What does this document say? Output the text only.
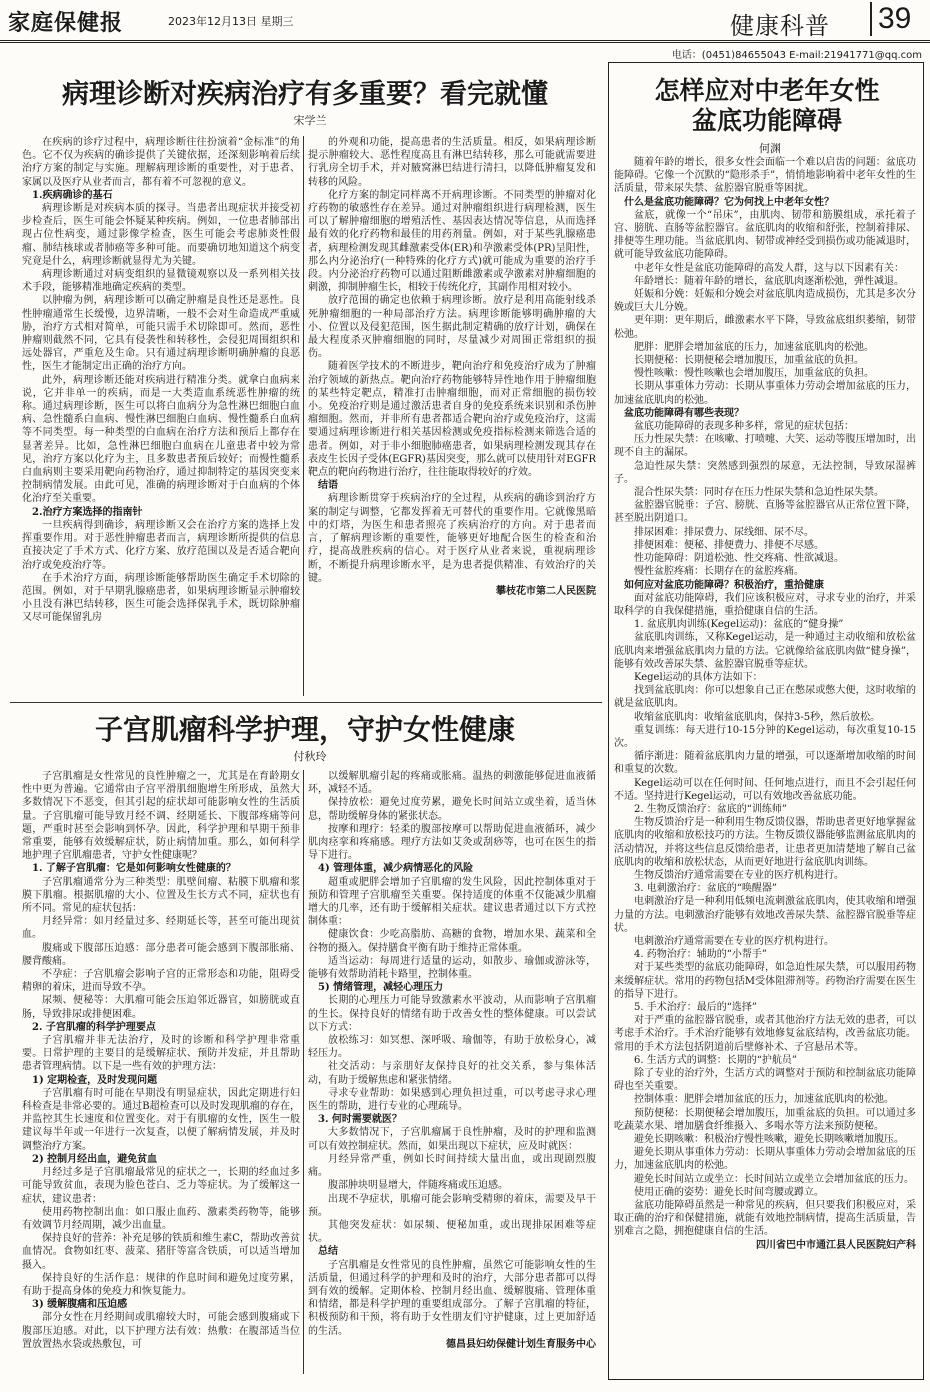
家庭保健报	2023年12月13日 星期三	健康科普 39
电话：(0451)84655043 E-mail:21941771@qq.com
病理诊断对疾病治疗有多重要？看完就懂
宋学兰

在疾病的诊疗过程中，病理诊断往往扮演着“金标准”的角色。它不仅为疾病的确诊提供了关键依据，还深刻影响着后续治疗方案的制定与实施。理解病理诊断的重要性，对于患者、家属以及医疗从业者而言，都有着不可忽视的意义。

1.疾病确诊的基石

病理诊断是对疾病本质的探寻。当患者出现症状并接受初步检查后，医生可能会怀疑某种疾病。例如，一位患者肺部出现占位性病变，通过影像学检查，医生可能会考虑肺炎性假瘤、肺结核球或者肺癌等多种可能。而要确切地知道这个病变究竟是什么，病理诊断就显得尤为关键。

病理诊断通过对病变组织的显微镜观察以及一系列相关技术手段，能够精准地确定疾病的类型。

以肿瘤为例，病理诊断可以确定肿瘤是良性还是恶性。良性肿瘤通常生长缓慢，边界清晰，一般不会对生命造成严重威胁，治疗方式相对简单，可能只需手术切除即可。然而，恶性肿瘤则截然不同，它具有侵袭性和转移性，会侵犯周围组织和远处器官，严重危及生命。只有通过病理诊断明确肿瘤的良恶性，医生才能制定出正确的治疗方向。

此外，病理诊断还能对疾病进行精准分类。就拿白血病来说，它并非单一的疾病，而是一大类造血系统恶性肿瘤的统称。通过病理诊断，医生可以将白血病分为急性淋巴细胞白血病、急性髓系白血病、慢性淋巴细胞白血病、慢性髓系白血病等不同类型。每一种类型的白血病在治疗方法和预后上都存在显著差异。比如，急性淋巴细胞白血病在儿童患者中较为常见，治疗方案以化疗为主，且多数患者预后较好；而慢性髓系白血病则主要采用靶向药物治疗，通过抑制特定的基因突变来控制病情发展。由此可见，准确的病理诊断对于白血病的个体化治疗至关重要。

2.治疗方案选择的指南针

一旦疾病得到确诊，病理诊断又会在治疗方案的选择上发挥重要作用。对于恶性肿瘤患者而言，病理诊断所提供的信息直接决定了手术方式、化疗方案、放疗范围以及是否适合靶向治疗或免疫治疗等。

在手术治疗方面，病理诊断能够帮助医生确定手术切除的范围。例如，对于早期乳腺癌患者，如果病理诊断显示肿瘤较小且没有淋巴结转移，医生可能会选择保乳手术，既切除肿瘤又尽可能保留乳房

的外观和功能，提高患者的生活质量。相反，如果病理诊断提示肿瘤较大、恶性程度高且有淋巴结转移，那么可能就需要进行乳房全切手术，并对腋窝淋巴结进行清扫，以降低肿瘤复发和转移的风险。

化疗方案的制定同样离不开病理诊断。不同类型的肿瘤对化疗药物的敏感性存在差异。通过对肿瘤组织进行病理检测，医生可以了解肿瘤细胞的增殖活性、基因表达情况等信息，从而选择最有效的化疗药物和最佳的用药剂量。例如，对于某些乳腺癌患者，病理检测发现其雌激素受体(ER)和孕激素受体(PR)呈阳性，那么内分泌治疗(一种特殊的化疗方式)就可能成为重要的治疗手段。内分泌治疗药物可以通过阻断雌激素或孕激素对肿瘤细胞的刺激，抑制肿瘤生长，相较于传统化疗，其副作用相对较小。

放疗范围的确定也依赖于病理诊断。放疗是利用高能射线杀死肿瘤细胞的一种局部治疗方法。病理诊断能够明确肿瘤的大小、位置以及侵犯范围，医生据此制定精确的放疗计划，确保在最大程度杀灭肿瘤细胞的同时，尽量减少对周围正常组织的损伤。

随着医学技术的不断进步，靶向治疗和免疫治疗成为了肿瘤治疗领域的新热点。靶向治疗药物能够特异性地作用于肿瘤细胞的某些特定靶点，精准打击肿瘤细胞，而对正常细胞的损伤较小。免疫治疗则是通过激活患者自身的免疫系统来识别和杀伤肿瘤细胞。然而，并非所有患者都适合靶向治疗或免疫治疗，这需要通过病理诊断进行相关基因检测或免疫指标检测来筛选合适的患者。例如，对于非小细胞肺癌患者，如果病理检测发现其存在表皮生长因子受体(EGFR)基因突变，那么就可以使用针对EGFR靶点的靶向药物进行治疗，往往能取得较好的疗效。

结语

病理诊断贯穿于疾病治疗的全过程，从疾病的确诊到治疗方案的制定与调整，它都发挥着无可替代的重要作用。它就像黑暗中的灯塔，为医生和患者照亮了疾病治疗的方向。对于患者而言，了解病理诊断的重要性，能够更好地配合医生的检查和治疗，提高战胜疾病的信心。对于医疗从业者来说，重视病理诊断，不断提升病理诊断水平，是为患者提供精准、有效治疗的关键。

攀枝花市第二人民医院

子宫肌瘤科学护理，守护女性健康
付秋玲

子宫肌瘤是女性常见的良性肿瘤之一，尤其是在育龄期女性中更为普遍。它通常由子宫平滑肌细胞增生所形成，虽然大多数情况下不恶变，但其引起的症状却可能影响女性的生活质量。子宫肌瘤可能导致月经不调、经期延长、下腹部疼痛等问题，严重时甚至会影响到怀孕。因此，科学护理和早期干预非常重要，能够有效缓解症状，防止病情加重。那么，如何科学地护理子宫肌瘤患者，守护女性健康呢？

1. 了解子宫肌瘤：它是如何影响女性健康的？

子宫肌瘤通常分为三种类型：肌壁间瘤、粘膜下肌瘤和浆膜下肌瘤。根据肌瘤的大小、位置及生长方式不同，症状也有所不同。常见的症状包括：

月经异常：如月经量过多、经期延长等，甚至可能出现贫血。

腹痛或下腹部压迫感：部分患者可能会感到下腹部胀痛、腰背酸痛。

不孕症：子宫肌瘤会影响子宫的正常形态和功能，阻碍受精卵的着床，进而导致不孕。

尿频、便秘等：大肌瘤可能会压迫邻近器官，如膀胱或直肠，导致排尿或排便困难。

2. 子宫肌瘤的科学护理要点

子宫肌瘤并非无法治疗，及时的诊断和科学护理非常重要。日常护理的主要目的是缓解症状、预防并发症，并且帮助患者管理病情。以下是一些有效的护理方法：

1) 定期检查，及时发现问题

子宫肌瘤有时可能在早期没有明显症状，因此定期进行妇科检查是非常必要的。通过B超检查可以及时发现肌瘤的存在，并监控其生长速度和位置变化。对于有肌瘤的女性，医生一般建议每半年或一年进行一次复查，以便了解病情发展，并及时调整治疗方案。

2) 控制月经出血，避免贫血

月经过多是子宫肌瘤最常见的症状之一，长期的经血过多可能导致贫血，表现为脸色苍白、乏力等症状。为了缓解这一症状，建议患者：

使用药物控制出血：如口服止血药、激素类药物等，能够有效调节月经周期，减少出血量。

保持良好的营养：补充足够的铁质和维生素C，帮助改善贫血情况。食物如红枣、菠菜、猪肝等富含铁质，可以适当增加摄入。

保持良好的生活作息：规律的作息时间和避免过度劳累，有助于提高身体的免疫力和恢复能力。

3) 缓解腹痛和压迫感

部分女性在月经期间或肌瘤较大时，可能会感到腹痛或下腹部压迫感。对此，以下护理方法有效：热敷：在腹部适当位置放置热水袋或热敷包，可

以缓解肌瘤引起的疼痛或胀痛。温热的刺激能够促进血液循环，减轻不适。

保持放松：避免过度劳累，避免长时间站立或坐着，适当休息，帮助缓解身体的紧张状态。

按摩和理疗：轻柔的腹部按摩可以帮助促进血液循环，减少肌肉痉挛和疼痛感。理疗方法如艾灸或刮痧等，也可在医生的指导下进行。

4) 管理体重，减少病情恶化的风险

超重或肥胖会增加子宫肌瘤的发生风险，因此控制体重对于预防和管理子宫肌瘤至关重要。保持适度的体重不仅能减少肌瘤增大的几率，还有助于缓解相关症状。建议患者通过以下方式控制体重：

健康饮食：少吃高脂肪、高糖的食物，增加水果、蔬菜和全谷物的摄入。保持膳食平衡有助于维持正常体重。

适当运动：每周进行适量的运动，如散步、瑜伽或游泳等，能够有效帮助消耗卡路里，控制体重。

5) 情绪管理，减轻心理压力

长期的心理压力可能导致激素水平波动，从而影响子宫肌瘤的生长。保持良好的情绪有助于改善女性的整体健康。可以尝试以下方式：

放松练习：如冥想、深呼吸、瑜伽等，有助于放松身心，减轻压力。

社交活动：与亲朋好友保持良好的社交关系，参与集体活动，有助于缓解焦虑和紧张情绪。

寻求专业帮助：如果感到心理负担过重，可以考虑寻求心理医生的帮助，进行专业的心理疏导。

3. 何时需要就医？

大多数情况下，子宫肌瘤属于良性肿瘤，及时的护理和监测可以有效控制症状。然而，如果出现以下症状，应及时就医：

月经异常严重，例如长时间持续大量出血，或出现剧烈腹痛。

腹部肿块明显增大，伴随疼痛或压迫感。

出现不孕症状，肌瘤可能会影响受精卵的着床，需要及早干预。

其他突发症状：如尿频、便秘加重，或出现排尿困难等症状。

总结

子宫肌瘤是女性常见的良性肿瘤，虽然它可能影响女性的生活质量，但通过科学的护理和及时的治疗，大部分患者都可以得到有效的缓解。定期体检、控制月经出血、缓解腹痛、管理体重和情绪，都是科学护理的重要组成部分。了解子宫肌瘤的特征，积极预防和干预，将有助于女性朋友们守护健康，过上更加舒适的生活。

德昌县妇幼保健计划生育服务中心

怎样应对中老年女性
盆底功能障碍
何渊

随着年龄的增长，很多女性会面临一个难以启齿的问题：盆底功能障碍。它像一个沉默的“隐形杀手”，悄悄地影响着中老年女性的生活质量，带来尿失禁、盆腔器官脱垂等困扰。

什么是盆底功能障碍？它为何找上中老年女性？

盆底，就像一个“吊床”，由肌肉、韧带和筋膜组成，承托着子宫、膀胱、直肠等盆腔器官。盆底肌肉的收缩和舒张，控制着排尿、排便等生理功能。当盆底肌肉、韧带或神经受到损伤或功能减退时，就可能导致盆底功能障碍。

中老年女性是盆底功能障碍的高发人群，这与以下因素有关：

年龄增长：随着年龄的增长，盆底肌肉逐渐松弛，弹性减退。

妊娠和分娩：妊娠和分娩会对盆底肌肉造成损伤，尤其是多次分娩或巨大儿分娩。

更年期：更年期后，雌激素水平下降，导致盆底组织萎缩，韧带松弛。

肥胖：肥胖会增加盆底的压力，加速盆底肌肉的松弛。

长期便秘：长期便秘会增加腹压，加重盆底的负担。

慢性咳嗽：慢性咳嗽也会增加腹压，加重盆底的负担。

长期从事重体力劳动：长期从事重体力劳动会增加盆底的压力，加速盆底肌肉的松弛。

盆底功能障碍有哪些表现？

盆底功能障碍的表现多种多样，常见的症状包括：

压力性尿失禁：在咳嗽、打喷嚏、大笑、运动等腹压增加时，出现不自主的漏尿。

急迫性尿失禁：突然感到强烈的尿意，无法控制，导致尿湿裤子。

混合性尿失禁：同时存在压力性尿失禁和急迫性尿失禁。

盆腔器官脱垂：子宫、膀胱、直肠等盆腔器官从正常位置下降，甚至脱出阴道口。

排尿困难：排尿费力、尿线细、尿不尽。

排便困难：便秘、排便费力、排便不尽感。

性功能障碍：阴道松弛、性交疼痛、性欲减退。

慢性盆腔疼痛：长期存在的盆腔疼痛。

如何应对盆底功能障碍？积极治疗，重拾健康

面对盆底功能障碍，我们应该积极应对，寻求专业的治疗，并采取科学的自我保健措施，重拾健康自信的生活。

1. 盆底肌肉训练(Kegel运动)：盆底的“健身操”

盆底肌肉训练，又称Kegel运动，是一种通过主动收缩和放松盆底肌肉来增强盆底肌肉力量的方法。它就像给盆底肌肉做“健身操”，能够有效改善尿失禁、盆腔器官脱垂等症状。

Kegel运动的具体方法如下：

找到盆底肌肉：你可以想象自己正在憋尿或憋大便，这时收缩的就是盆底肌肉。

收缩盆底肌肉：收缩盆底肌肉，保持3-5秒，然后放松。

重复训练：每天进行10-15分钟的Kegel运动，每次重复10-15次。

循序渐进：随着盆底肌肉力量的增强，可以逐渐增加收缩的时间和重复的次数。

Kegel运动可以在任何时间、任何地点进行，而且不会引起任何不适。坚持进行Kegel运动，可以有效地改善盆底功能。

2. 生物反馈治疗：盆底的“训练师”

生物反馈治疗是一种利用生物反馈仪器，帮助患者更好地掌握盆底肌肉的收缩和放松技巧的方法。生物反馈仪器能够监测盆底肌肉的活动情况，并将这些信息反馈给患者，让患者更加清楚地了解自己盆底肌肉的收缩和放松状态，从而更好地进行盆底肌肉训练。

生物反馈治疗通常需要在专业的医疗机构进行。

3. 电刺激治疗：盆底的“唤醒器”

电刺激治疗是一种利用低频电流刺激盆底肌肉，使其收缩和增强力量的方法。电刺激治疗能够有效地改善尿失禁、盆腔器官脱垂等症状。

电刺激治疗通常需要在专业的医疗机构进行。

4. 药物治疗：辅助的“小帮手”

对于某些类型的盆底功能障碍，如急迫性尿失禁，可以服用药物来缓解症状。常用的药物包括M受体阻滞剂等。药物治疗需要在医生的指导下进行。

5. 手术治疗：最后的“选择”

对于严重的盆腔器官脱垂，或者其他治疗方法无效的患者，可以考虑手术治疗。手术治疗能够有效地修复盆底结构，改善盆底功能。常用的手术方法包括阴道前后壁修补术、子宫悬吊术等。

6. 生活方式的调整：长期的“护航员”

除了专业的治疗外，生活方式的调整对于预防和控制盆底功能障碍也至关重要。

控制体重：肥胖会增加盆底的压力，加速盆底肌肉的松弛。

预防便秘：长期便秘会增加腹压，加重盆底的负担。可以通过多吃蔬菜水果、增加膳食纤维摄入、多喝水等方法来预防便秘。

避免长期咳嗽：积极治疗慢性咳嗽，避免长期咳嗽增加腹压。

避免长期从事重体力劳动：长期从事重体力劳动会增加盆底的压力，加速盆底肌肉的松弛。

避免长时间站立或坐立：长时间站立或坐立会增加盆底的压力。

使用正确的姿势：避免长时间弯腰或蹲立。

盆底功能障碍虽然是一种常见的疾病，但只要我们积极应对，采取正确的治疗和保健措施，就能有效地控制病情，提高生活质量，告别难言之隐，拥抱健康自信的生活。

四川省巴中市通江县人民医院妇产科
